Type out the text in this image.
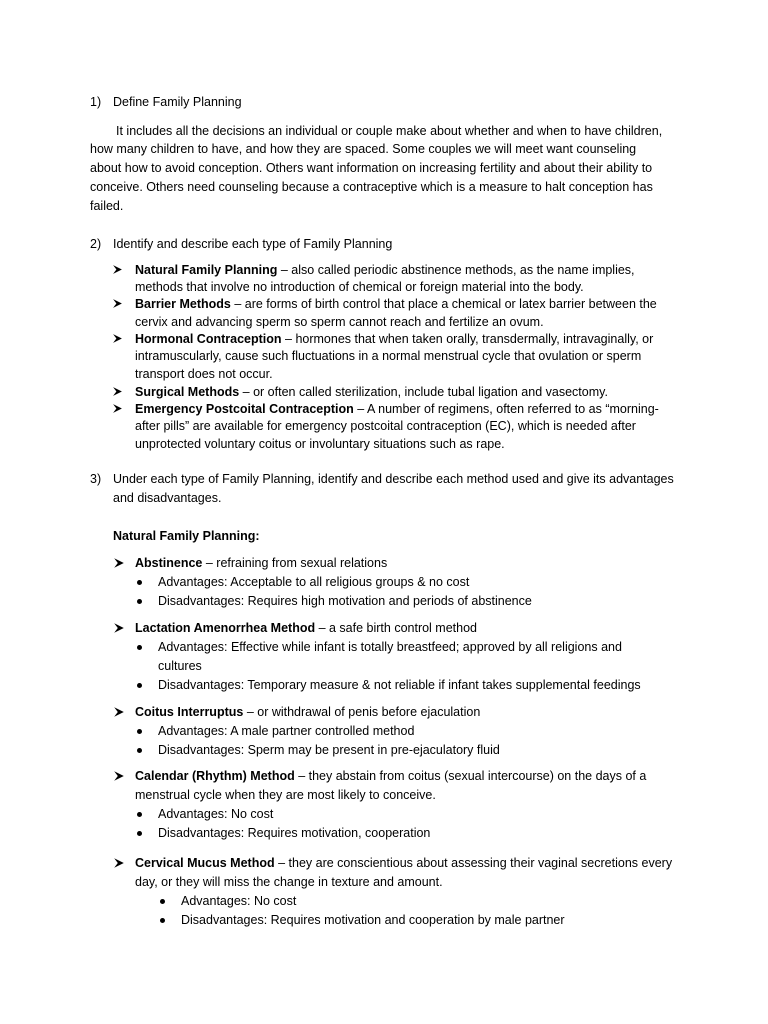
1) Define Family Planning
It includes all the decisions an individual or couple make about whether and when to have children,
how many children to have, and how they are spaced. Some couples we will meet want counseling
about how to avoid conception. Others want information on increasing fertility and about their ability to
conceive. Others need counseling because a contraceptive which is a measure to halt conception has
failed.
2) Identify and describe each type of Family Planning
Natural Family Planning – also called periodic abstinence methods, as the name implies,
methods that involve no introduction of chemical or foreign material into the body.
Barrier Methods – are forms of birth control that place a chemical or latex barrier between the
cervix and advancing sperm so sperm cannot reach and fertilize an ovum.
Hormonal Contraception – hormones that when taken orally, transdermally, intravaginally, or
intramuscularly, cause such fluctuations in a normal menstrual cycle that ovulation or sperm
transport does not occur.
Surgical Methods – or often called sterilization, include tubal ligation and vasectomy.
Emergency Postcoital Contraception – A number of regimens, often referred to as “morning-
after pills” are available for emergency postcoital contraception (EC), which is needed after
unprotected voluntary coitus or involuntary situations such as rape.
3) Under each type of Family Planning, identify and describe each method used and give its advantages
and disadvantages.
Natural Family Planning:
Abstinence – refraining from sexual relations
Advantages: Acceptable to all religious groups & no cost
Disadvantages: Requires high motivation and periods of abstinence
Lactation Amenorrhea Method – a safe birth control method
Advantages: Effective while infant is totally breastfeed; approved by all religions and
cultures
Disadvantages: Temporary measure & not reliable if infant takes supplemental feedings
Coitus Interruptus – or withdrawal of penis before ejaculation
Advantages: A male partner controlled method
Disadvantages: Sperm may be present in pre-ejaculatory fluid
Calendar (Rhythm) Method – they abstain from coitus (sexual intercourse) on the days of a
menstrual cycle when they are most likely to conceive.
Advantages: No cost
Disadvantages: Requires motivation, cooperation
Cervical Mucus Method – they are conscientious about assessing their vaginal secretions every
day, or they will miss the change in texture and amount.
Advantages: No cost
Disadvantages: Requires motivation and cooperation by male partner
